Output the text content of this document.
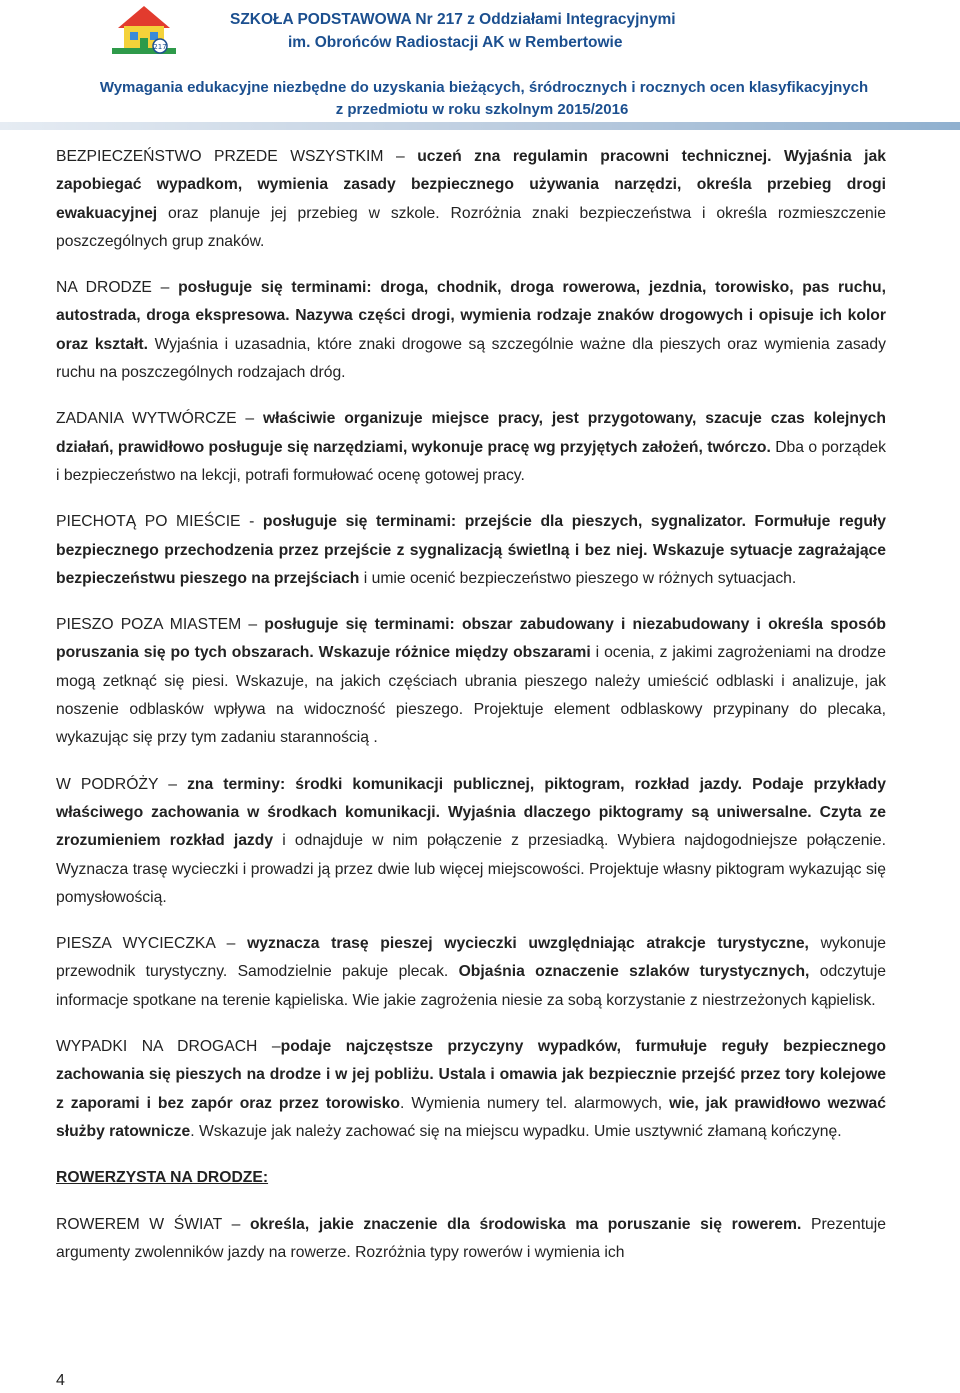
217
SZKOŁA PODSTAWOWA Nr 217 z Oddziałami Integracyjnymi
im. Obrońców Radiostacji AK w Rembertowie
Wymagania edukacyjne niezbędne do uzyskania bieżących, śródrocznych i rocznych ocen klasyfikacyjnych
z przedmiotu w roku szkolnym 2015/2016

BEZPIECZEŃSTWO PRZEDE WSZYSTKIM – uczeń zna regulamin pracowni technicznej. Wyjaśnia jak zapobiegać wypadkom, wymienia zasady bezpiecznego używania narzędzi, określa przebieg drogi ewakuacyjnej oraz planuje jej przebieg w szkole. Rozróżnia znaki bezpieczeństwa i określa rozmieszczenie poszczególnych grup znaków.

NA DRODZE – posługuje się terminami: droga, chodnik, droga rowerowa, jezdnia, torowisko, pas ruchu, autostrada, droga ekspresowa. Nazywa części drogi, wymienia rodzaje znaków drogowych i opisuje ich kolor oraz kształt. Wyjaśnia i uzasadnia, które znaki drogowe są szczególnie ważne dla pieszych oraz wymienia zasady ruchu na poszczególnych rodzajach dróg.

ZADANIA WYTWÓRCZE – właściwie organizuje miejsce pracy, jest przygotowany, szacuje czas kolejnych działań, prawidłowo posługuje się narzędziami, wykonuje pracę wg przyjętych założeń, twórczo. Dba o porządek i bezpieczeństwo na lekcji, potrafi formułować ocenę gotowej pracy.

PIECHOTĄ PO MIEŚCIE - posługuje się terminami: przejście dla pieszych, sygnalizator. Formułuje reguły bezpiecznego przechodzenia przez przejście z sygnalizacją świetlną i bez niej. Wskazuje sytuacje zagrażające bezpieczeństwu pieszego na przejściach i umie ocenić bezpieczeństwo pieszego w różnych sytuacjach.

PIESZO POZA MIASTEM – posługuje się terminami: obszar zabudowany i niezabudowany i określa sposób poruszania się po tych obszarach. Wskazuje różnice między obszarami i ocenia, z jakimi zagrożeniami na drodze mogą zetknąć się piesi. Wskazuje, na jakich częściach ubrania pieszego należy umieścić odblaski i analizuje, jak noszenie odblasków wpływa na widoczność pieszego. Projektuje element odblaskowy przypinany do plecaka, wykazując się przy tym zadaniu starannością .

W PODRÓŻY – zna terminy: środki komunikacji publicznej, piktogram, rozkład jazdy. Podaje przykłady właściwego zachowania w środkach komunikacji. Wyjaśnia dlaczego piktogramy są uniwersalne. Czyta ze zrozumieniem rozkład jazdy i odnajduje w nim połączenie z przesiadką. Wybiera najdogodniejsze połączenie. Wyznacza trasę wycieczki i prowadzi ją przez dwie lub więcej miejscowości. Projektuje własny piktogram wykazując się pomysłowością.

PIESZA WYCIECZKA – wyznacza trasę pieszej wycieczki uwzględniając atrakcje turystyczne, wykonuje przewodnik turystyczny. Samodzielnie pakuje plecak. Objaśnia oznaczenie szlaków turystycznych, odczytuje informacje spotkane na terenie kąpieliska. Wie jakie zagrożenia niesie za sobą korzystanie z niestrzeżonych kąpielisk.

WYPADKI NA DROGACH –podaje najczęstsze przyczyny wypadków, furmułuje reguły bezpiecznego zachowania się pieszych na drodze i w jej pobliżu. Ustala i omawia jak bezpiecznie przejść przez tory kolejowe z zaporami i bez zapór oraz przez torowisko. Wymienia numery tel. alarmowych, wie, jak prawidłowo wezwać służby ratownicze. Wskazuje jak należy zachować się na miejscu wypadku. Umie usztywnić złamaną kończynę.

ROWERZYSTA NA DRODZE:

ROWEREM W ŚWIAT – określa, jakie znaczenie dla środowiska ma poruszanie się rowerem. Prezentuje argumenty zwolenników jazdy na rowerze. Rozróżnia typy rowerów i wymienia ich

4
